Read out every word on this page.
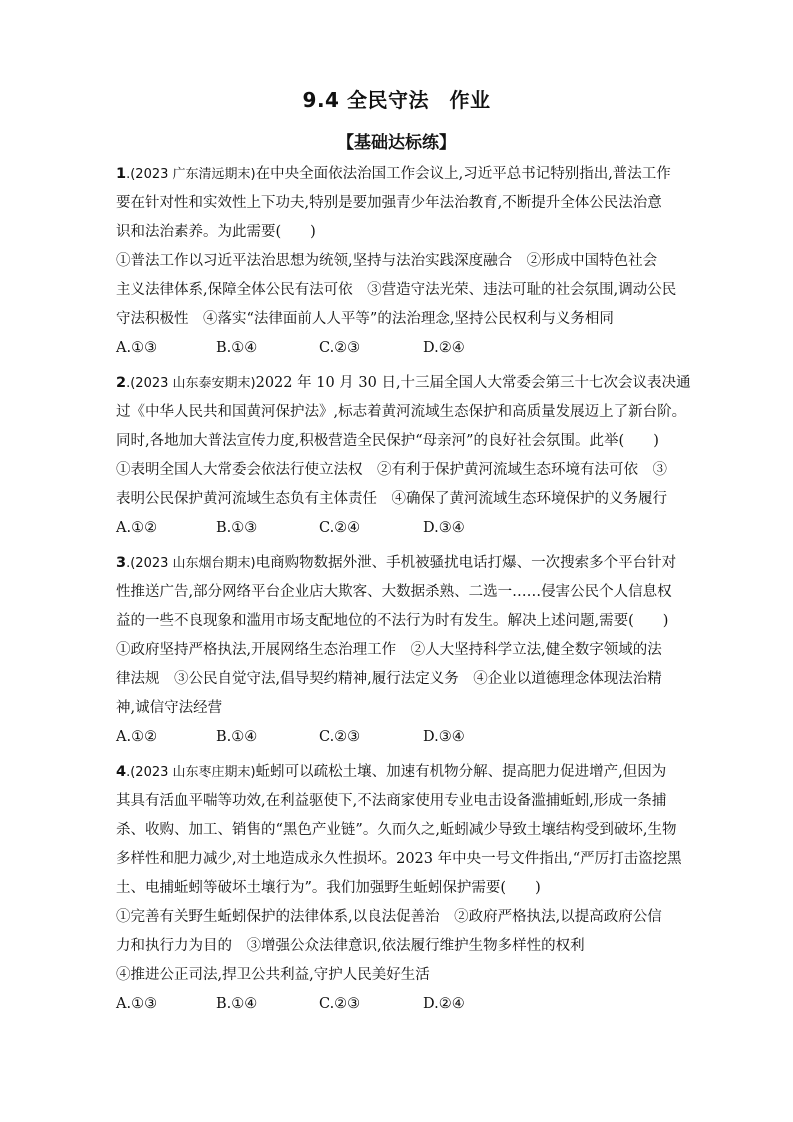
9.4 全民守法　作业
【基础达标练】
1.(2023 广东清远期末)在中央全面依法治国工作会议上,习近平总书记特别指出,普法工作
要在针对性和实效性上下功夫,特别是要加强青少年法治教育,不断提升全体公民法治意
识和法治素养。为此需要(　　)
①普法工作以习近平法治思想为统领,坚持与法治实践深度融合　②形成中国特色社会
主义法律体系,保障全体公民有法可依　③营造守法光荣、违法可耻的社会氛围,调动公民
守法积极性　④落实“法律面前人人平等”的法治理念,坚持公民权利与义务相同
A.①③	B.①④	C.②③	D.②④
2.(2023 山东泰安期末)2022 年 10 月 30 日,十三届全国人大常委会第三十七次会议表决通
过《中华人民共和国黄河保护法》,标志着黄河流域生态保护和高质量发展迈上了新台阶。
同时,各地加大普法宣传力度,积极营造全民保护“母亲河”的良好社会氛围。此举(　　)
①表明全国人大常委会依法行使立法权　②有利于保护黄河流域生态环境有法可依　③
表明公民保护黄河流域生态负有主体责任　④确保了黄河流域生态环境保护的义务履行
A.①②	B.①③	C.②④	D.③④
3.(2023 山东烟台期末)电商购物数据外泄、手机被骚扰电话打爆、一次搜索多个平台针对
性推送广告,部分网络平台企业店大欺客、大数据杀熟、二选一……侵害公民个人信息权
益的一些不良现象和滥用市场支配地位的不法行为时有发生。解决上述问题,需要(　　)
①政府坚持严格执法,开展网络生态治理工作　②人大坚持科学立法,健全数字领域的法
律法规　③公民自觉守法,倡导契约精神,履行法定义务　④企业以道德理念体现法治精
神,诚信守法经营
A.①②	B.①④	C.②③	D.③④
4.(2023 山东枣庄期末)蚯蚓可以疏松土壤、加速有机物分解、提高肥力促进增产,但因为
其具有活血平喘等功效,在利益驱使下,不法商家使用专业电击设备滥捕蚯蚓,形成一条捕
杀、收购、加工、销售的“黑色产业链”。久而久之,蚯蚓减少导致土壤结构受到破坏,生物
多样性和肥力减少,对土地造成永久性损坏。2023 年中央一号文件指出,“严厉打击盗挖黑
土、电捕蚯蚓等破坏土壤行为”。我们加强野生蚯蚓保护需要(　　)
①完善有关野生蚯蚓保护的法律体系,以良法促善治　②政府严格执法,以提高政府公信
力和执行力为目的　③增强公众法律意识,依法履行维护生物多样性的权利
④推进公正司法,捍卫公共利益,守护人民美好生活
A.①③	B.①④	C.②③	D.②④
